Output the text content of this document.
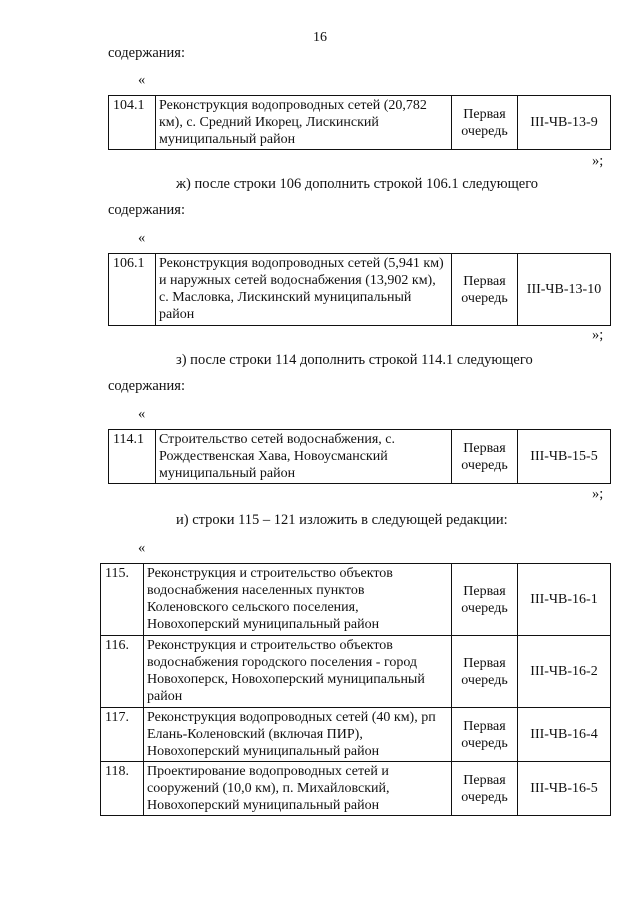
16
содержания:
«
104.1	Реконструкция водопроводных сетей (20,782 км), с. Средний Икорец, Лискинский муниципальный район	Первая очередь	III-ЧВ-13-9
»;
ж) после строки 106 дополнить строкой 106.1 следующего
содержания:
«
106.1	Реконструкция водопроводных сетей (5,941 км) и наружных сетей водоснабжения (13,902 км), с. Масловка, Лискинский муниципальный район	Первая очередь	III-ЧВ-13-10
»;
з) после строки 114 дополнить строкой 114.1 следующего
содержания:
«
114.1	Строительство сетей водоснабжения, с. Рождественская Хава, Новоусманский муниципальный район	Первая очередь	III-ЧВ-15-5
»;
и) строки 115 – 121 изложить в следующей редакции:
«
115.	Реконструкция и строительство объектов водоснабжения населенных пунктов Коленовского сельского поселения, Новохоперский муниципальный район	Первая очередь	III-ЧВ-16-1
116.	Реконструкция и строительство объектов водоснабжения городского поселения - город Новохоперск, Новохоперский муниципальный район	Первая очередь	III-ЧВ-16-2
117.	Реконструкция водопроводных сетей (40 км), рп Елань-Коленовский (включая ПИР), Новохоперский муниципальный район	Первая очередь	III-ЧВ-16-4
118.	Проектирование водопроводных сетей и сооружений (10,0 км), п. Михайловский, Новохоперский муниципальный район	Первая очередь	III-ЧВ-16-5
